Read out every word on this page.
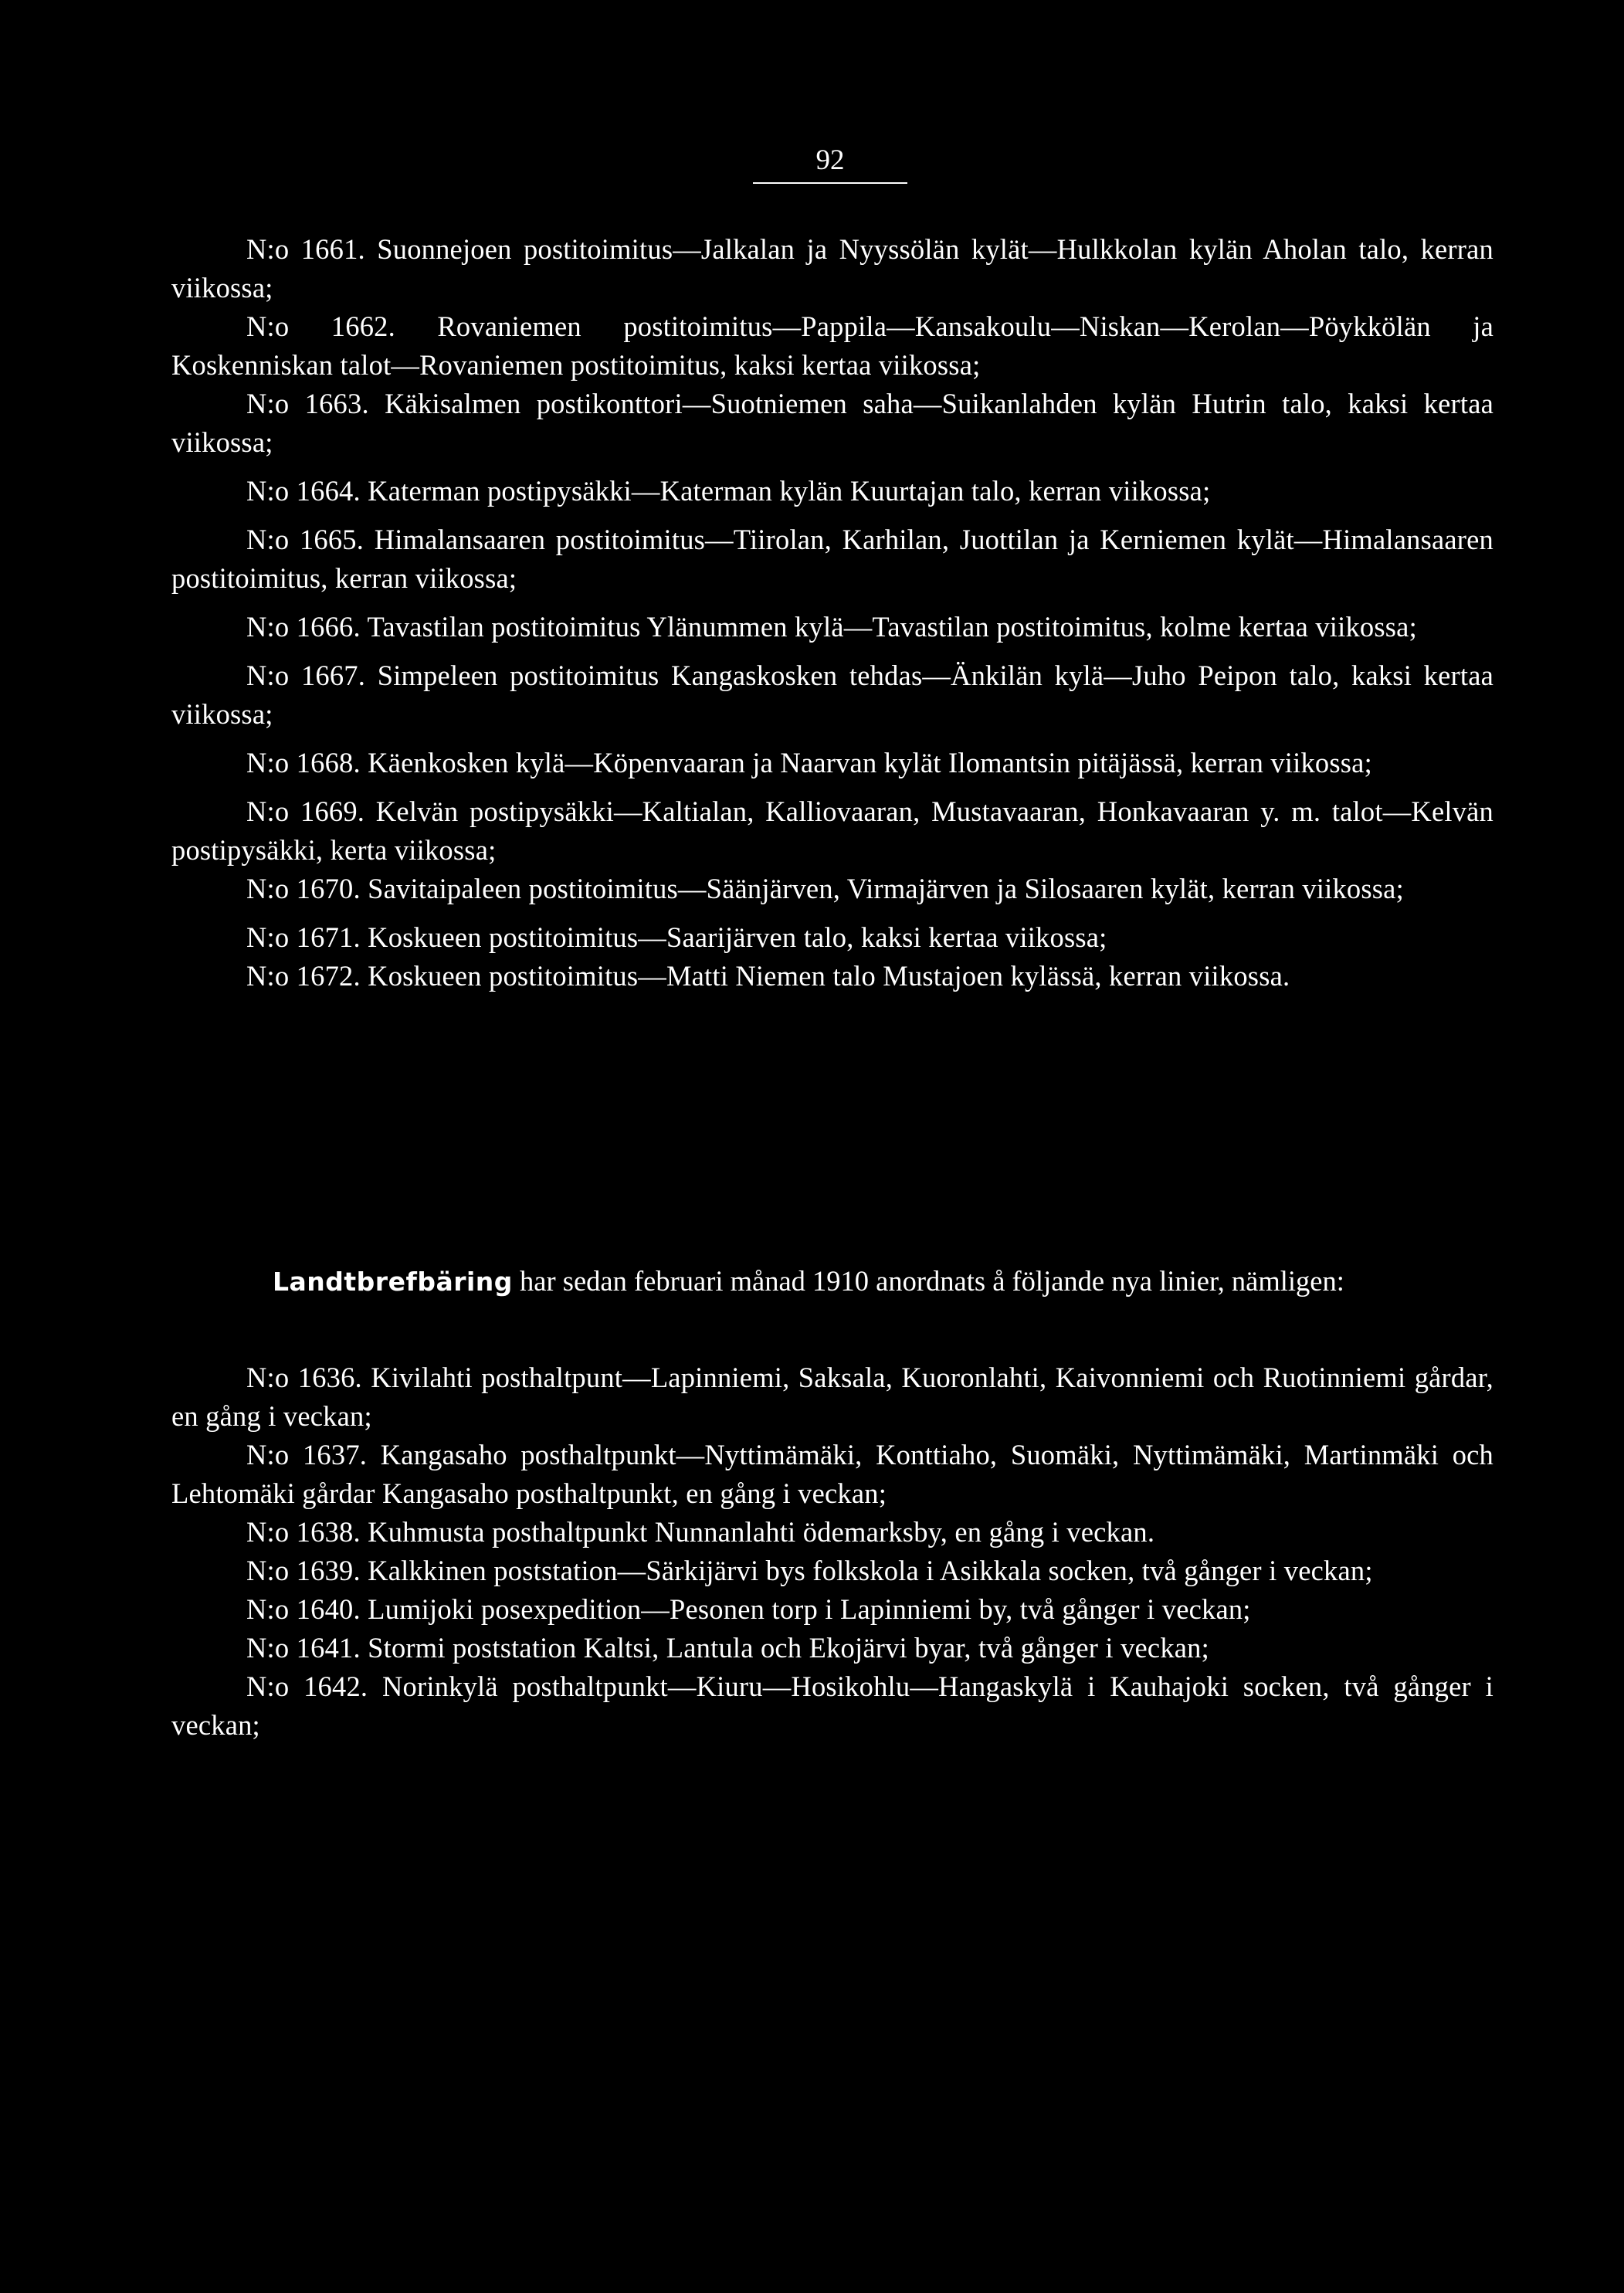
92

N:o 1661. Suonnejoen postitoimitus—Jalkalan ja Nyyssölän kylät—Hulkkolan kylän Aholan talo, kerran viikossa;

N:o 1662. Rovaniemen postitoimitus—Pappila—Kansakoulu—Niskan—Kerolan—Pöykkölän ja Koskenniskan talot—Rovaniemen postitoimitus, kaksi kertaa viikossa;

N:o 1663. Käkisalmen postikonttori—Suotniemen saha—Suikanlahden kylän Hutrin talo, kaksi kertaa viikossa;

N:o 1664. Katerman postipysäkki—Katerman kylän Kuurtajan talo, kerran viikossa;

N:o 1665. Himalansaaren postitoimitus—Tiirolan, Karhilan, Juottilan ja Kerniemen kylät—Himalansaaren postitoimitus, kerran viikossa;

N:o 1666. Tavastilan postitoimitus Ylänummen kylä—Tavastilan postitoimitus, kolme kertaa viikossa;

N:o 1667. Simpeleen postitoimitus Kangaskosken tehdas—Änkilän kylä—Juho Peipon talo, kaksi kertaa viikossa;

N:o 1668. Käenkosken kylä—Köpenvaaran ja Naarvan kylät Ilomantsin pitäjässä, kerran viikossa;

N:o 1669. Kelvän postipysäkki—Kaltialan, Kalliovaaran, Mustavaaran, Honkavaaran y. m. talot—Kelvän postipysäkki, kerta viikossa;

N:o 1670. Savitaipaleen postitoimitus—Säänjärven, Virmajärven ja Silosaaren kylät, kerran viikossa;

N:o 1671. Koskueen postitoimitus—Saarijärven talo, kaksi kertaa viikossa;

N:o 1672. Koskueen postitoimitus—Matti Niemen talo Mustajoen kylässä, kerran viikossa.

Landtbrefbäring har sedan februari månad 1910 anordnats å följande nya linier, nämligen:

N:o 1636. Kivilahti posthaltpunt—Lapinniemi, Saksala, Kuoronlahti, Kaivonniemi och Ruotinniemi gårdar, en gång i veckan;

N:o 1637. Kangasaho posthaltpunkt—Nyttimämäki, Konttiaho, Suomäki, Nyttimämäki, Martinmäki och Lehtomäki gårdar Kangasaho posthaltpunkt, en gång i veckan;

N:o 1638. Kuhmusta posthaltpunkt Nunnanlahti ödemarksby, en gång i veckan.

N:o 1639. Kalkkinen poststation—Särkijärvi bys folkskola i Asikkala socken, två gånger i veckan;

N:o 1640. Lumijoki posexpedition—Pesonen torp i Lapinniemi by, två gånger i veckan;

N:o 1641. Stormi poststation Kaltsi, Lantula och Ekojärvi byar, två gånger i veckan;

N:o 1642. Norinkylä posthaltpunkt—Kiuru—Hosikohlu—Hangaskylä i Kauhajoki socken, två gånger i veckan;
